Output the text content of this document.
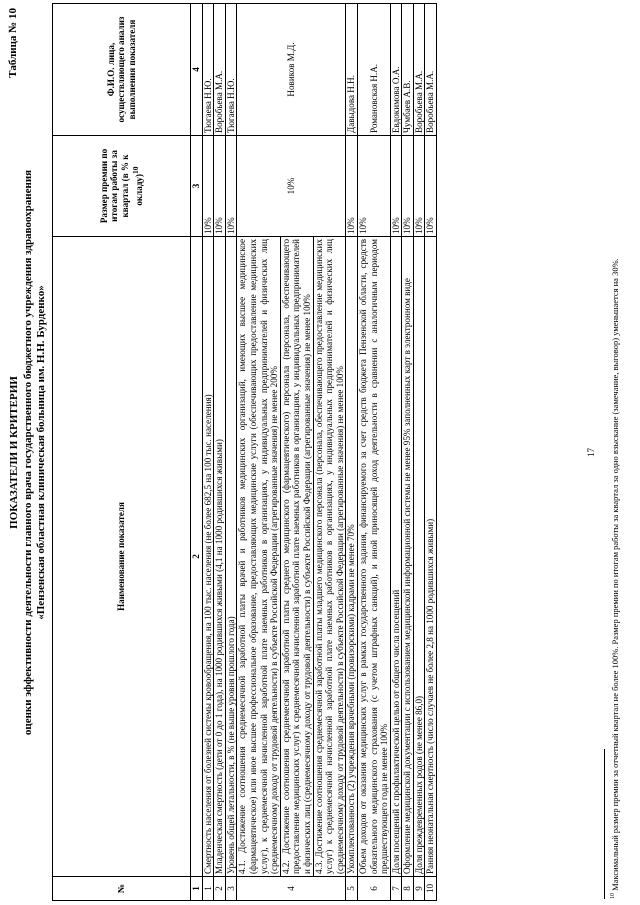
17
Таблица № 10
ПОКАЗАТЕЛИ И КРИТЕРИИ оценки эффективности деятельности главного врача государственного бюджетного учреждения здравоохранения «Пензенская областная клиническая больница им. Н.Н. Бурденко»
№	Наименование показателя	Размер премии по итогам работы за квартал (в % к окладу)$^{10}$	Ф.И.О. лица, осуществляющего анализ выполнения показателя
1	2	3	4
1	Смертность населения от болезней системы кровообращения, на 100 тыс. населения (не более 682,5 на 100 тыс. населения)	10%	Тюгаева Н.Ю.
2	Младенческая смертность (дети от 0 до 1 года), на 1000 родившихся живыми (4,1 на 1000 родившихся живыми)	10%	Воробьева М.А.
3	Уровень общей летальности, в % (не выше уровня прошлого года)	10%	Тюгаева Н.Ю.
4	4.1. Достижение соотношения среднемесячной заработной платы врачей и работников медицинских организаций, имеющих высшее медицинское (фармацевтическое) или иное высшее профессиональное образование, предоставляющих медицинские услуги (обеспечивающих предоставление медицинских услуг), к среднемесячной начисленной заработной плате наемных работников в организациях, у индивидуальных предпринимателей и физических лиц (среднемесячному доходу от трудовой деятельности) в субъекте Российской Федерации (агрегированные значения) не менее 200%	10%	Новиков М.Д.
	4.2. Достижение соотношения среднемесячной заработной платы среднего медицинского (фармацевтического) персонала (персонала, обеспечивающего предоставление медицинских услуг) к среднемесячной начисленной заработной плате наемных работников в организациях, у индивидуальных предпринимателей и физических лиц (среднемесячному доходу от трудовой деятельности) в субъекте Российской Федерации (агрегированные значения) не менее 100%		
	4.3. Достижение соотношения среднемесячной заработной платы младшего медицинского персонала (персонала, обеспечивающего предоставление медицинских услуг) к среднемесячной начисленной заработной плате наемных работников в организациях, у индивидуальных предпринимателей и физических лиц (среднемесячному доходу от трудовой деятельности) в субъекте Российской Федерации (агрегированные значения) не менее 100%		
5	Укомплектованность (2) учреждения врачебными (провизорскими) кадрами не менее 70%	10%	Давыдова Н.Н.
6	Объем доходов от оказания медицинских услуг в рамках государственного задания, финансируемого за счет средств бюджета Пензенской области, средств обязательного медицинского страхования (с учетом штрафных санкций), и иной приносящей доход деятельности в сравнении с аналогичным периодом предшествующего года не менее 100%	10%	Романовская Н.А.
7	Доля посещений с профилактической целью от общего числа посещений	10%	Евдокимова О.А.
8	Оформление медицинской документации с использованием медицинской информационной системы не менее 95% заполненных карт в электронном виде	10%	Чумбаев А.В.
9	Доля преждевременных родов (не менее 86,0)	10%	Воробьева М.А.
10	Ранняя неонатальная смертность (число случаев не более 2,8 на 1000 родившихся живыми)	10%	Воробьева М.А.
$^{10}$ Максимальный размер премии за отчетный квартал не более 100%. Размер премии по итогам работы за квартал за одно взыскание (замечание, выговор) уменьшается на 30%.
